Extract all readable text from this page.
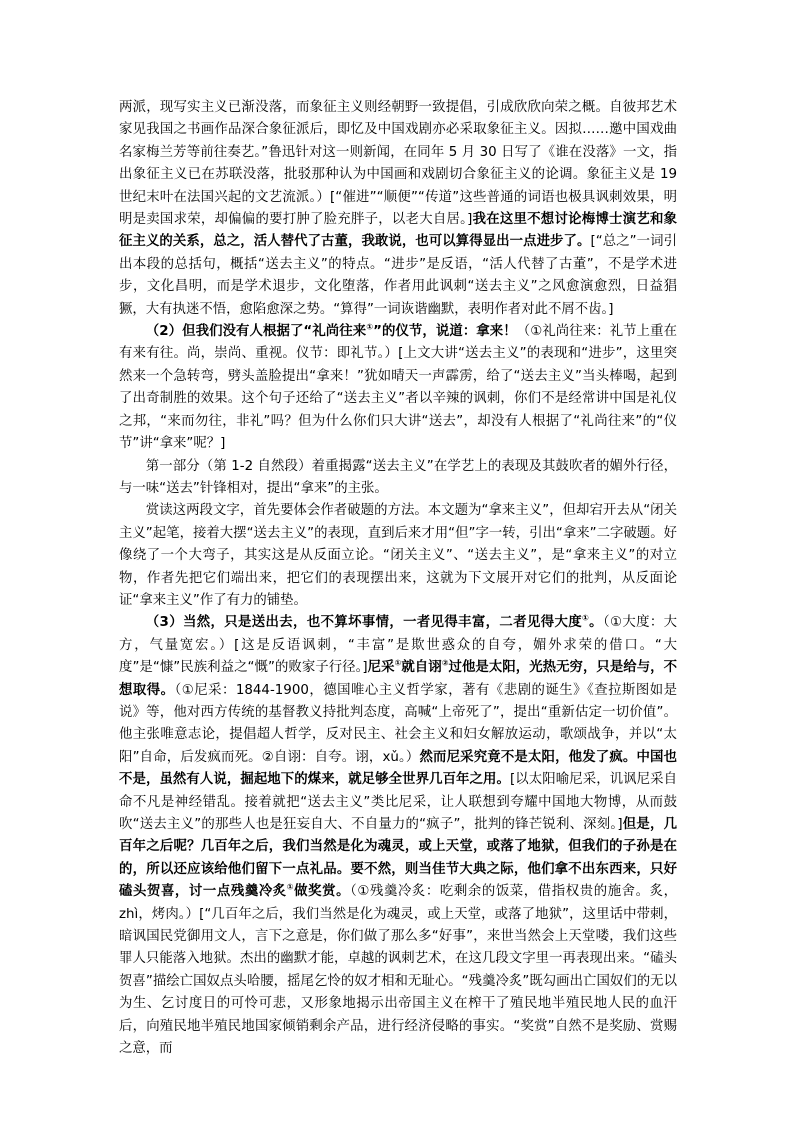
两派，现写实主义已渐没落，而象征主义则经朝野一致提倡，引成欣欣向荣之概。自彼邦艺术家见我国之书画作品深合象征派后，即忆及中国戏剧亦必采取象征主义。因拟……邀中国戏曲名家梅兰芳等前往奏艺。”鲁迅针对这一则新闻，在同年 5 月 30 日写了《谁在没落》一文，指出象征主义已在苏联没落，批驳那种认为中国画和戏剧切合象征主义的论调。象征主义是 19 世纪末叶在法国兴起的文艺流派。）[“催进”“顺便”“传道”这些普通的词语也极具讽刺效果，明明是卖国求荣，却偏偏的要打肿了脸充胖子，以老大自居。]我在这里不想讨论梅博士演艺和象征主义的关系，总之，活人替代了古董，我敢说，也可以算得显出一点进步了。[“总之”一词引出本段的总括句，概括“送去主义”的特点。“进步”是反语，“活人代替了古董”，不是学术进步，文化昌明，而是学术退步，文化堕落，作者用此讽刺“送去主义”之风愈演愈烈，日益猖獗，大有执迷不悟，愈陷愈深之势。“算得”一词诙谐幽默，表明作者对此不屑不齿。]

（2）但我们没有人根据了“礼尚往来①”的仪节，说道：拿来！（①礼尚往来：礼节上重在有来有往。尚，崇尚、重视。仪节：即礼节。）[上文大讲“送去主义”的表现和“进步”，这里突然来一个急转弯，劈头盖脸提出“拿来！”犹如晴天一声霹雳，给了“送去主义”当头棒喝，起到了出奇制胜的效果。这个句子还给了“送去主义”者以辛辣的讽刺，你们不是经常讲中国是礼仪之邦，“来而勿往，非礼”吗？但为什么你们只大讲“送去”，却没有人根据了“礼尚往来”的“仪节”讲“拿来”呢？]

第一部分（第 1-2 自然段）着重揭露“送去主义”在学艺上的表现及其鼓吹者的媚外行径，与一味“送去”针锋相对，提出“拿来”的主张。

赏读这两段文字，首先要体会作者破题的方法。本文题为“拿来主义”，但却宕开去从“闭关主义”起笔，接着大摆“送去主义”的表现，直到后来才用“但”字一转，引出“拿来”二字破题。好像绕了一个大弯子，其实这是从反面立论。“闭关主义”、“送去主义”，是“拿来主义”的对立物，作者先把它们端出来，把它们的表现摆出来，这就为下文展开对它们的批判，从反面论证“拿来主义”作了有力的铺垫。

（3）当然，只是送出去，也不算坏事情，一者见得丰富，二者见得大度①。（①大度：大方，气量宽宏。）[这是反语讽刺，“丰富”是欺世惑众的自夸，媚外求荣的借口。“大度”是“慷”民族利益之“慨”的败家子行径。]尼采①就自诩②过他是太阳，光热无穷，只是给与，不想取得。（①尼采：1844-1900，德国唯心主义哲学家，著有《悲剧的诞生》《查拉斯图如是说》等，他对西方传统的基督教义持批判态度，高喊“上帝死了”，提出“重新估定一切价值”。他主张唯意志论，提倡超人哲学，反对民主、社会主义和妇女解放运动，歌颂战争，并以“太阳”自命，后发疯而死。②自诩：自夸。诩，xǔ。）然而尼采究竟不是太阳，他发了疯。中国也不是，虽然有人说，掘起地下的煤来，就足够全世界几百年之用。[以太阳喻尼采，讥讽尼采自命不凡是神经错乱。接着就把“送去主义”类比尼采，让人联想到夸耀中国地大物博，从而鼓吹“送去主义”的那些人也是狂妄自大、不自量力的“疯子”，批判的锋芒锐利、深刻。]但是，几百年之后呢？几百年之后，我们当然是化为魂灵，或上天堂，或落了地狱，但我们的子孙是在的，所以还应该给他们留下一点礼品。要不然，则当佳节大典之际，他们拿不出东西来，只好磕头贺喜，讨一点残羹冷炙①做奖赏。（①残羹冷炙：吃剩余的饭菜，借指权贵的施舍。炙，zhì，烤肉。）[“几百年之后，我们当然是化为魂灵，或上天堂，或落了地狱”，这里话中带刺，暗讽国民党御用文人，言下之意是，你们做了那么多“好事”，来世当然会上天堂喽，我们这些罪人只能落入地狱。杰出的幽默才能，卓越的讽刺艺术，在这几段文字里一再表现出来。“磕头贺喜”描绘亡国奴点头哈腰，摇尾乞怜的奴才相和无耻心。“残羹冷炙”既勾画出亡国奴们的无以为生、乞讨度日的可怜可悲，又形象地揭示出帝国主义在榨干了殖民地半殖民地人民的血汗后，向殖民地半殖民地国家倾销剩余产品，进行经济侵略的事实。“奖赏”自然不是奖励、赏赐之意，而
